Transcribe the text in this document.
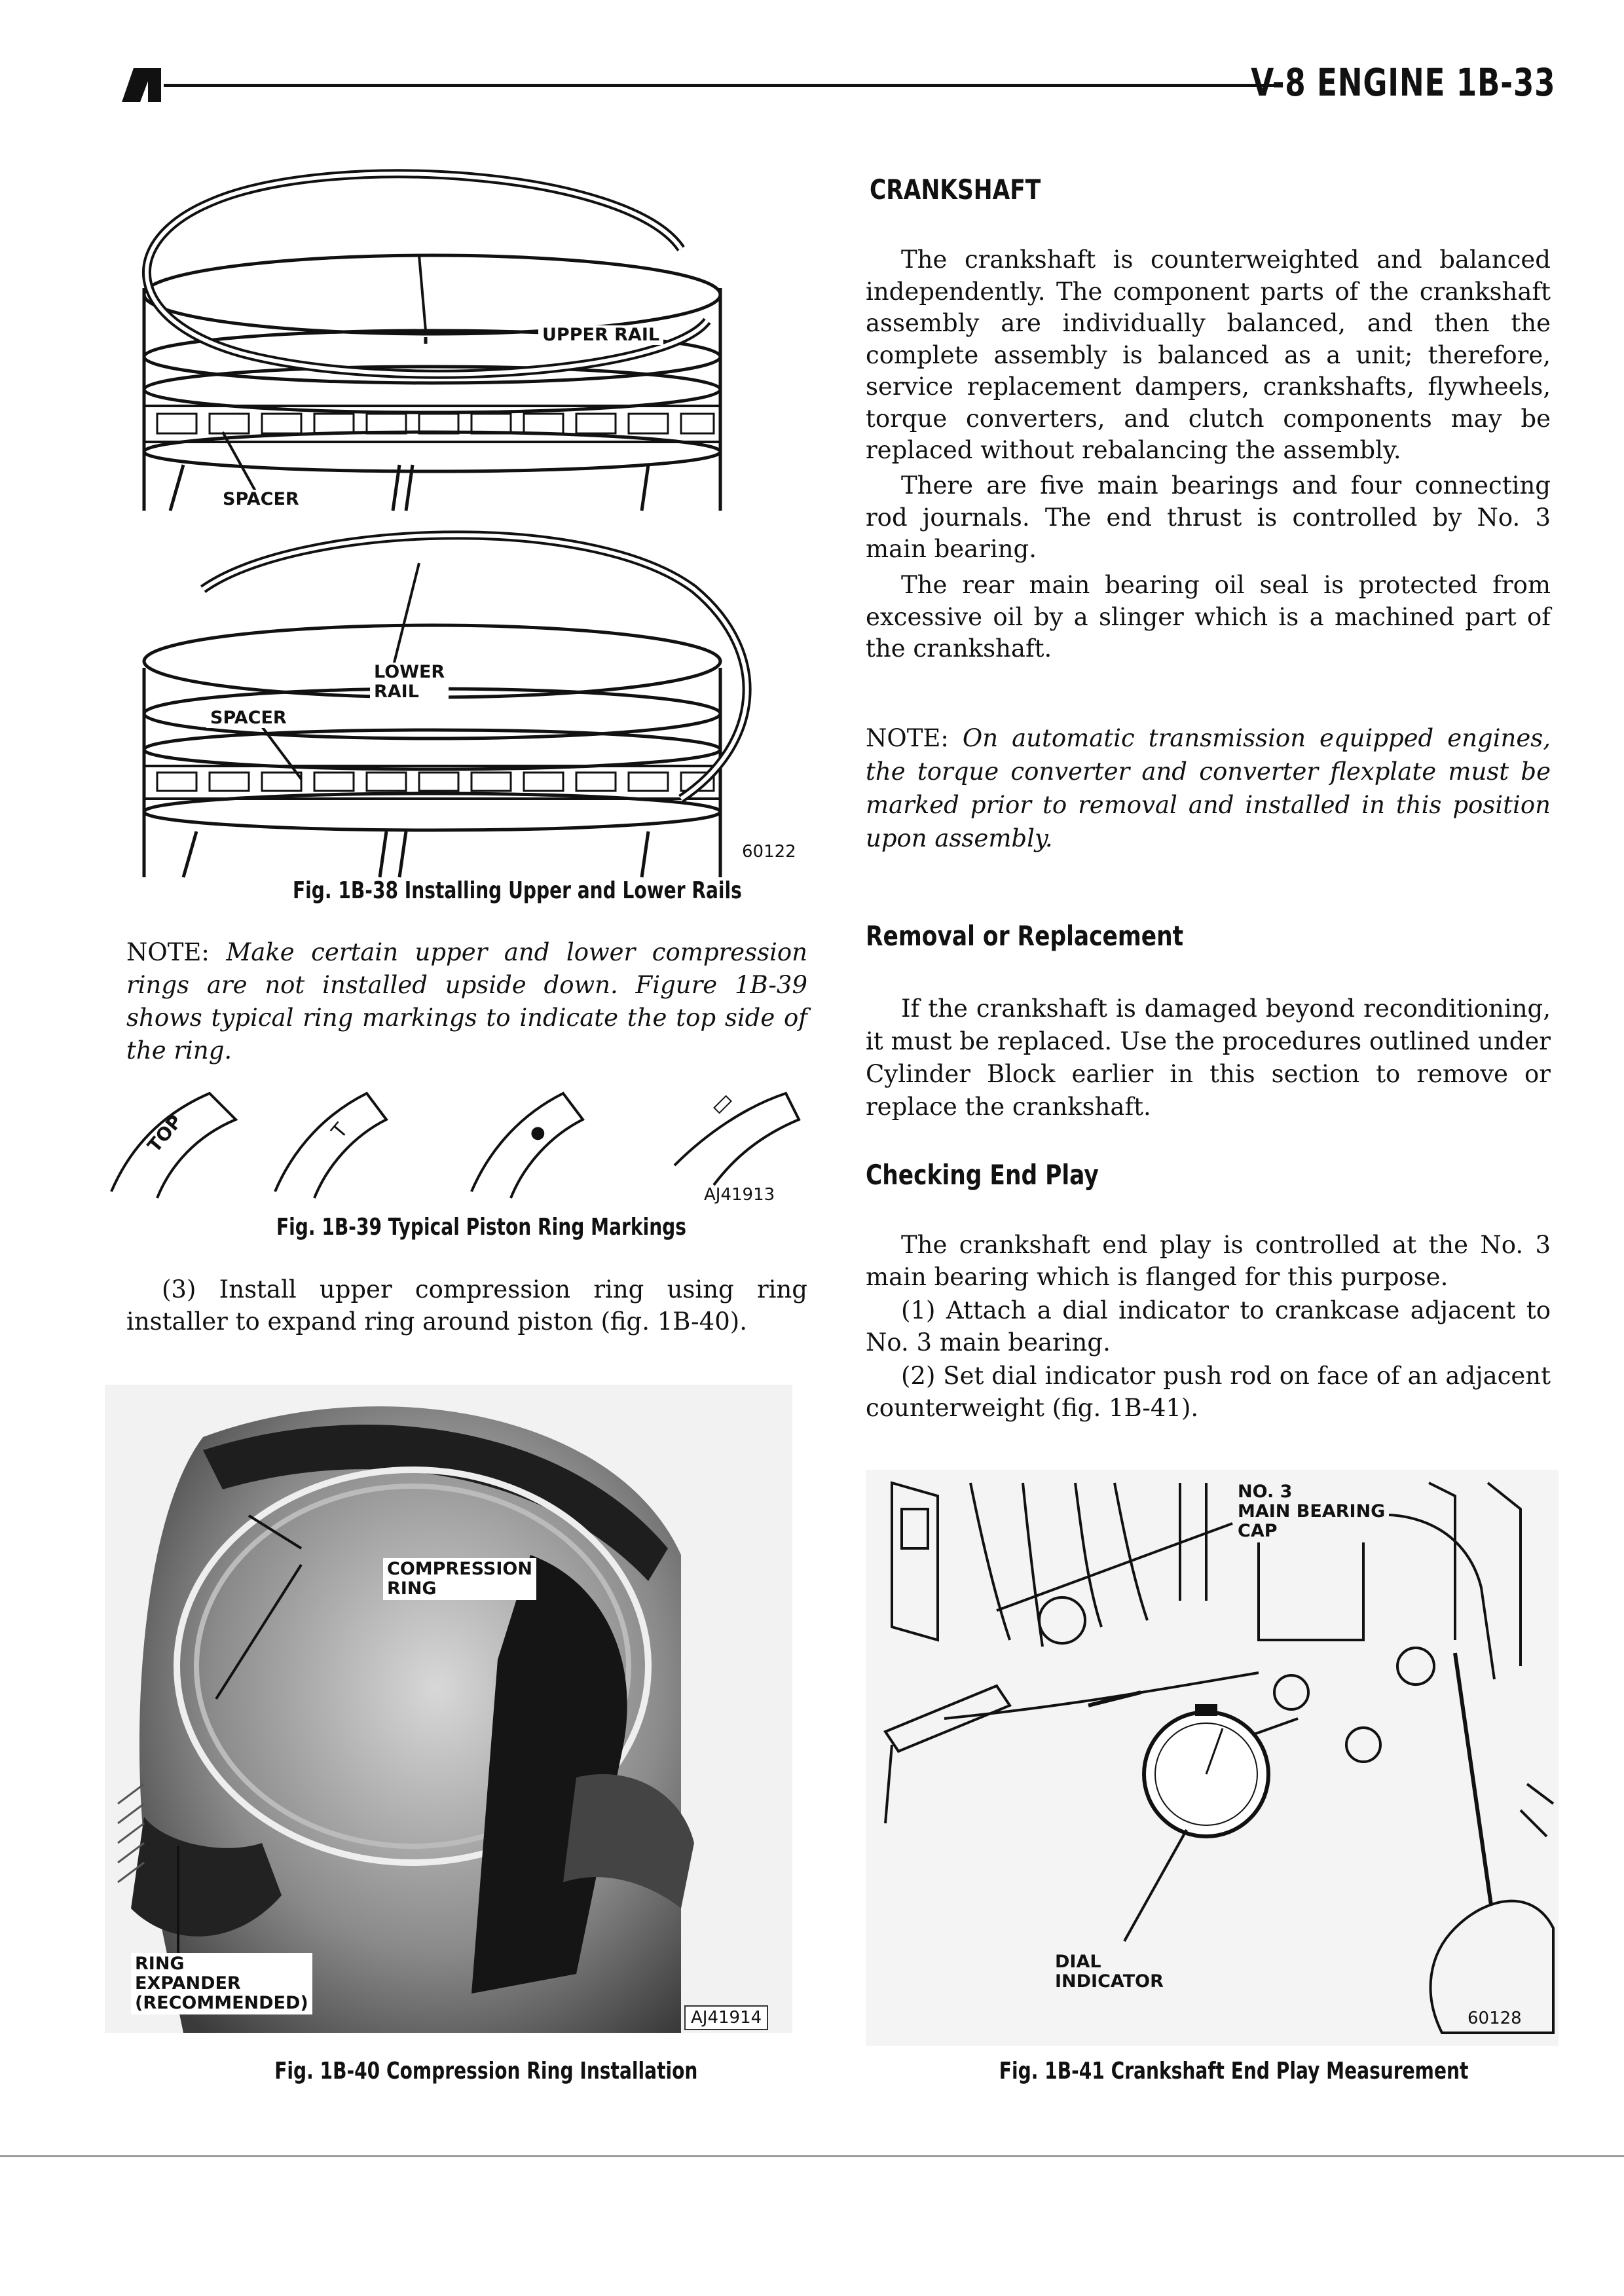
V-8 ENGINE 1B-33
UPPER RAIL
SPACER
LOWER
RAIL
SPACER
60122
Fig. 1B-38 Installing Upper and Lower Rails

NOTE: Make certain upper and lower compression rings are not installed upside down. Figure 1B-39 shows typical ring markings to indicate the top side of the ring.

TOP	T	●
▭
AJ41913
Fig. 1B-39 Typical Piston Ring Markings

(3) Install upper compression ring using ring installer to expand ring around piston (fig. 1B-40).

COMPRESSION
RING
RING
EXPANDER
(RECOMMENDED)
AJ41914
Fig. 1B-40 Compression Ring Installation
CRANKSHAFT

The crankshaft is counterweighted and balanced independently. The component parts of the crankshaft assembly are individually balanced, and then the complete assembly is balanced as a unit; therefore, service replacement dampers, crankshafts, flywheels, torque converters, and clutch components may be replaced without rebalancing the assembly.

There are five main bearings and four connecting rod journals. The end thrust is controlled by No. 3 main bearing.

The rear main bearing oil seal is protected from excessive oil by a slinger which is a machined part of the crankshaft.

NOTE: On automatic transmission equipped engines, the torque converter and converter flexplate must be marked prior to removal and installed in this position upon assembly.

Removal or Replacement

If the crankshaft is damaged beyond reconditioning, it must be replaced. Use the procedures outlined under Cylinder Block earlier in this section to remove or replace the crankshaft.

Checking End Play

The crankshaft end play is controlled at the No. 3 main bearing which is flanged for this purpose.

(1) Attach a dial indicator to crankcase adjacent to No. 3 main bearing.

(2) Set dial indicator push rod on face of an adjacent counterweight (fig. 1B-41).

NO. 3
MAIN BEARING
CAP
DIAL
INDICATOR
60128
Fig. 1B-41 Crankshaft End Play Measurement
